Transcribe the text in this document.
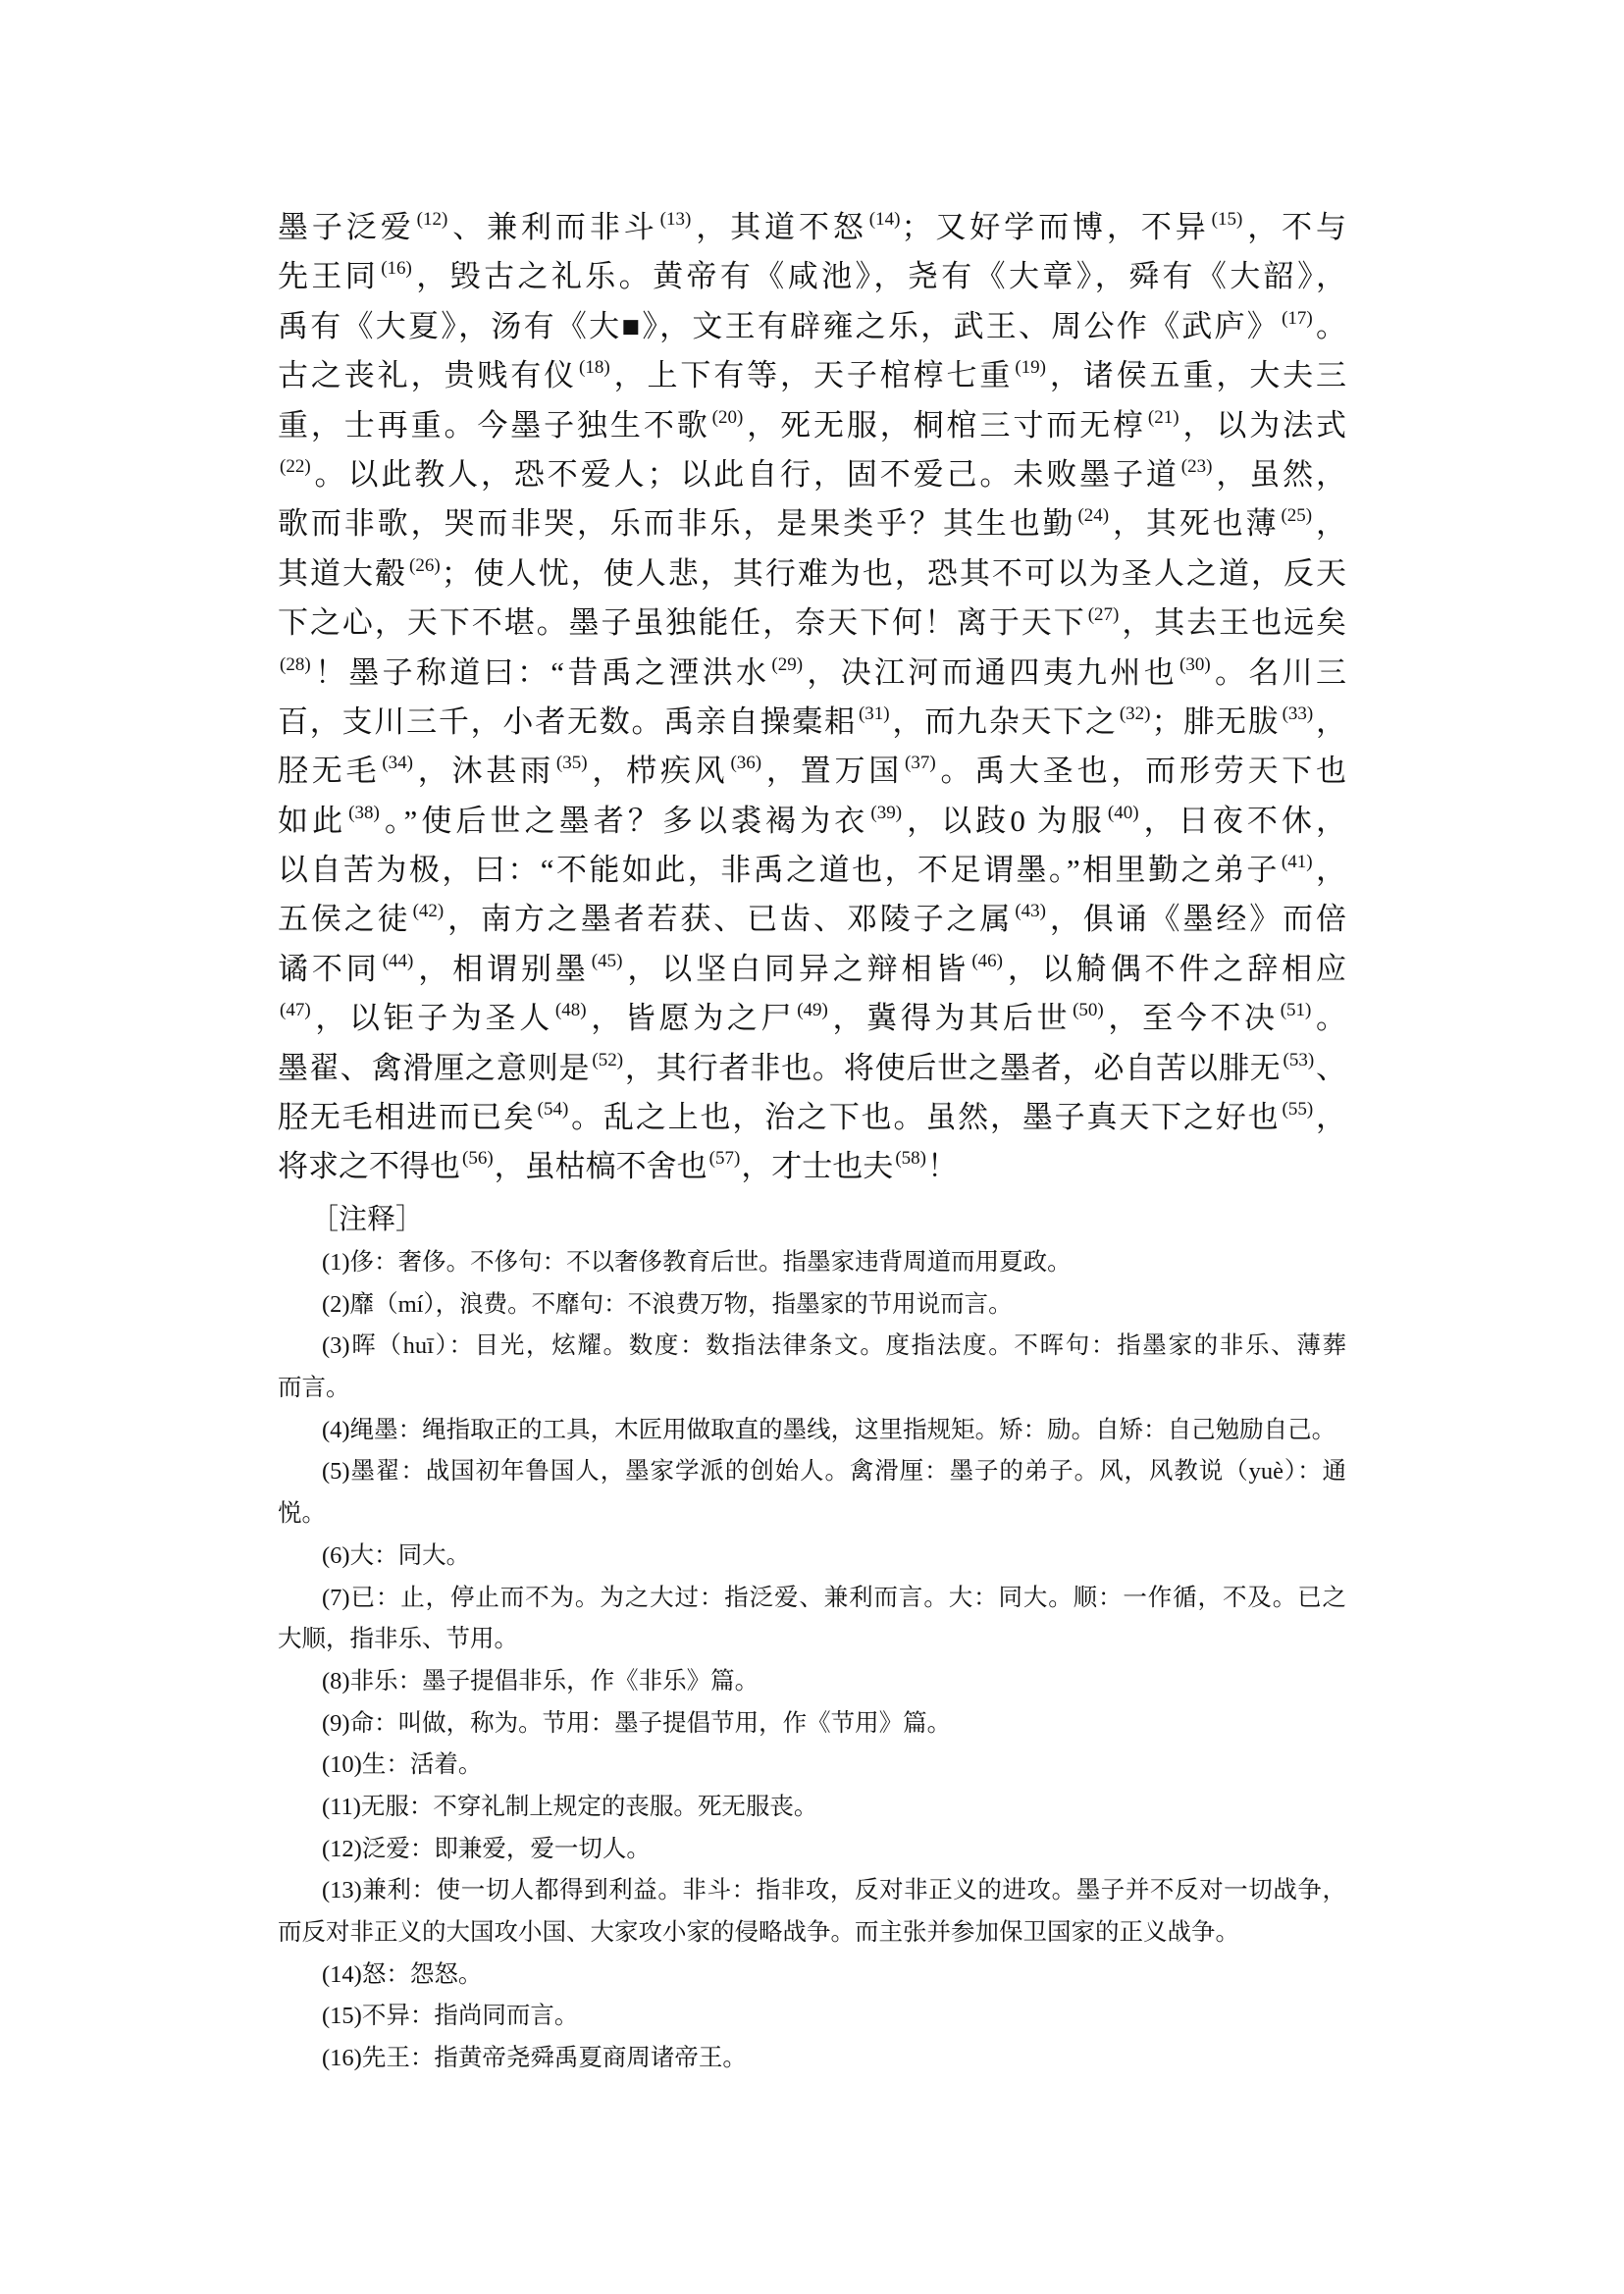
墨子泛爱 $^{(12)}$、兼利而非斗 $^{(13)}$，其道不怒 $^{(14)}$；又好学而博，不异 $^{(15)}$，不与
先王同 $^{(16)}$，毁古之礼乐。黄帝有《咸池》，尧有《大章》，舜有《大韶》，
禹有《大夏》，汤有《大■》，文王有辟雍之乐，武王、周公作《武庐》 $^{(17)}$。
古之丧礼，贵贱有仪 $^{(18)}$，上下有等，天子棺椁七重 $^{(19)}$，诸侯五重，大夫三
重，士再重。今墨子独生不歌 $^{(20)}$，死无服，桐棺三寸而无椁 $^{(21)}$，以为法式
$^{(22)}$。以此教人，恐不爱人；以此自行，固不爱己。未败墨子道 $^{(23)}$，虽然，
歌而非歌，哭而非哭，乐而非乐，是果类乎？其生也勤 $^{(24)}$，其死也薄 $^{(25)}$，
其道大觳 $^{(26)}$；使人忧，使人悲，其行难为也，恐其不可以为圣人之道，反天
下之心，天下不堪。墨子虽独能任，奈天下何！离于天下 $^{(27)}$，其去王也远矣
$^{(28)}$！墨子称道曰：“昔禹之湮洪水 $^{(29)}$，决江河而通四夷九州也 $^{(30)}$。名川三
百，支川三千，小者无数。禹亲自操橐耜 $^{(31)}$，而九杂天下之 $^{(32)}$；腓无胈 $^{(33)}$，
胫无毛 $^{(34)}$，沐甚雨 $^{(35)}$，栉疾风 $^{(36)}$，置万国 $^{(37)}$。禹大圣也，而形劳天下也
如此 $^{(38)}$。”使后世之墨者？多以裘褐为衣 $^{(39)}$，以跂0 为服 $^{(40)}$，日夜不休，
以自苦为极，曰：“不能如此，非禹之道也，不足谓墨。”相里勤之弟子 $^{(41)}$，
五侯之徒 $^{(42)}$，南方之墨者若获、已齿、邓陵子之属 $^{(43)}$，俱诵《墨经》而倍
谲不同 $^{(44)}$，相谓别墨 $^{(45)}$，以坚白同异之辩相皆 $^{(46)}$，以觭偶不件之辞相应
$^{(47)}$，以钜子为圣人 $^{(48)}$，皆愿为之尸 $^{(49)}$，冀得为其后世 $^{(50)}$，至今不决 $^{(51)}$。
墨翟、禽滑厘之意则是 $^{(52)}$，其行者非也。将使后世之墨者，必自苦以腓无 $^{(53)}$、
胫无毛相进而已矣 $^{(54)}$。乱之上也，治之下也。虽然，墨子真天下之好也 $^{(55)}$，
将求之不得也 $^{(56)}$，虽枯槁不舍也 $^{(57)}$，才士也夫 $^{(58)}$！
［注释］
(1)侈：奢侈。不侈句：不以奢侈教育后世。指墨家违背周道而用夏政。
(2)靡（mí），浪费。不靡句：不浪费万物，指墨家的节用说而言。
(3)晖（huī）：目光，炫耀。数度：数指法律条文。度指法度。不晖句：指墨家的非乐、薄葬
而言。
(4)绳墨：绳指取正的工具，木匠用做取直的墨线，这里指规矩。矫：励。自矫：自己勉励自己。
(5)墨翟：战国初年鲁国人，墨家学派的创始人。禽滑厘：墨子的弟子。风，风教说（yuè）：通
悦。
(6)大：同大。
(7)已：止，停止而不为。为之大过：指泛爱、兼利而言。大：同大。顺：一作循，不及。已之
大顺，指非乐、节用。
(8)非乐：墨子提倡非乐，作《非乐》篇。
(9)命：叫做，称为。节用：墨子提倡节用，作《节用》篇。
(10)生：活着。
(11)无服：不穿礼制上规定的丧服。死无服丧。
(12)泛爱：即兼爱，爱一切人。
(13)兼利：使一切人都得到利益。非斗：指非攻，反对非正义的进攻。墨子并不反对一切战争，
而反对非正义的大国攻小国、大家攻小家的侵略战争。而主张并参加保卫国家的正义战争。
(14)怒：怨怒。
(15)不异：指尚同而言。
(16)先王：指黄帝尧舜禹夏商周诸帝王。
